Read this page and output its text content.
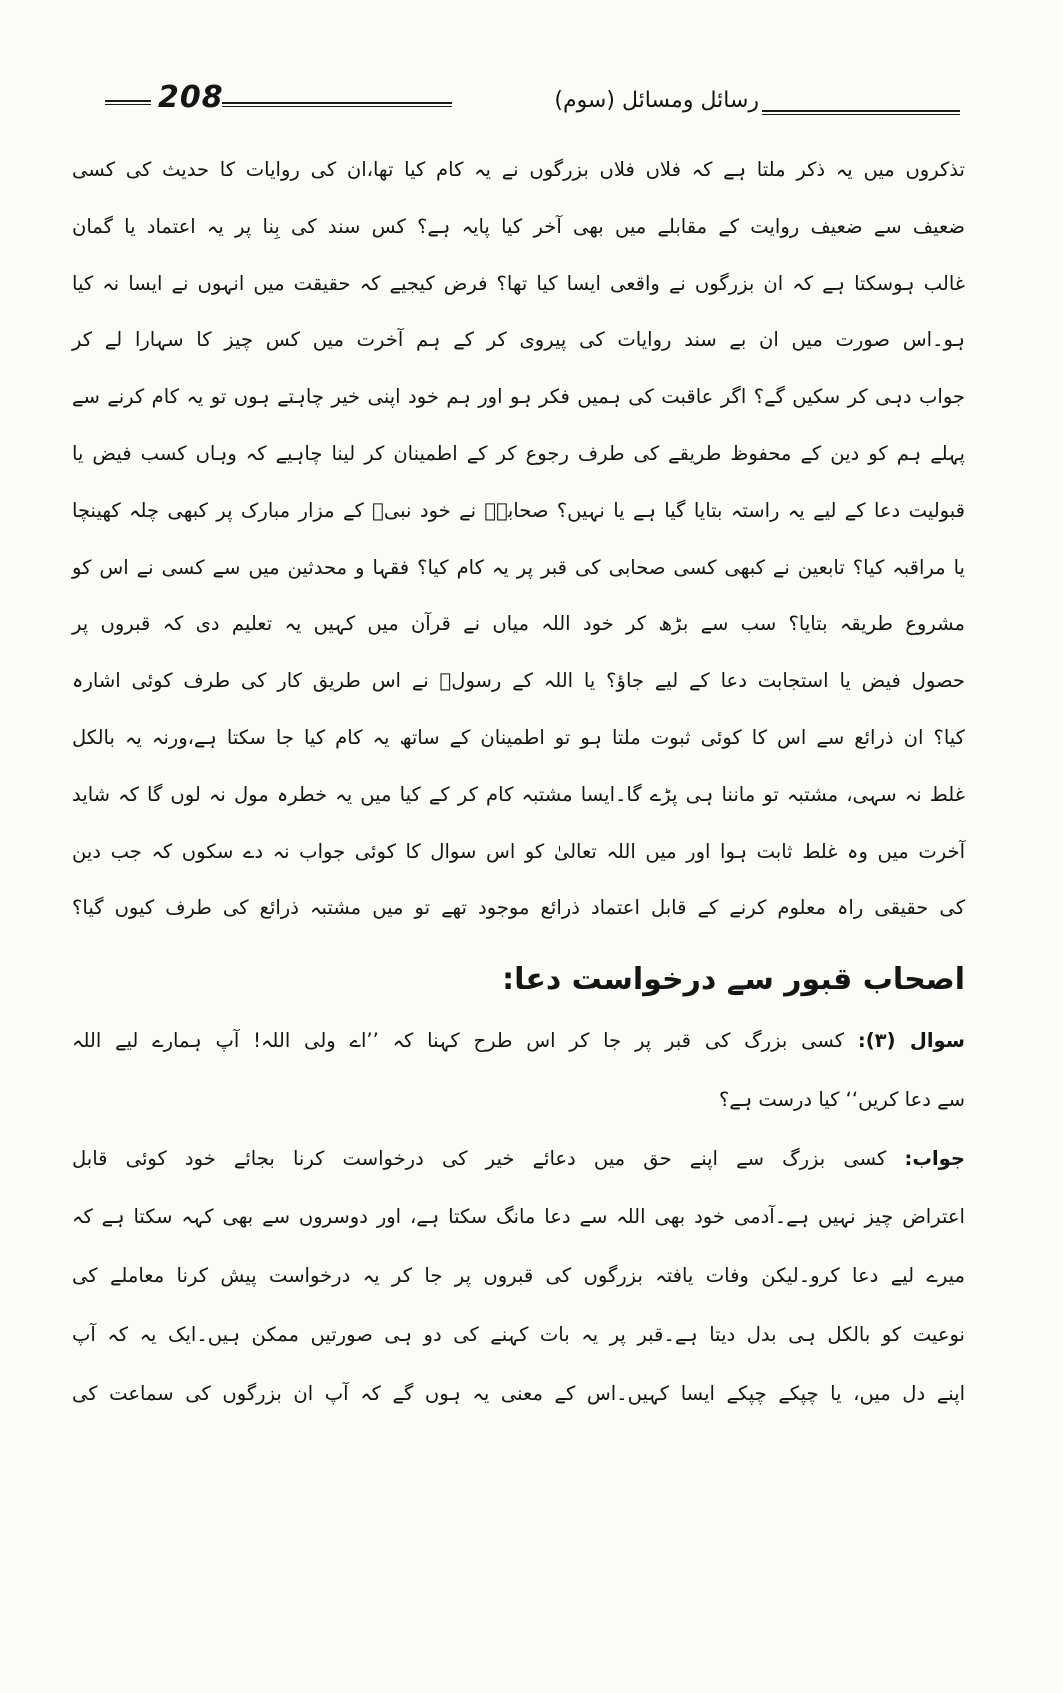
208	رسائل ومسائل (سوم)
تذکروں میں یہ ذکر ملتا ہے کہ فلاں فلاں بزرگوں نے یہ کام کیا تھا،ان کی روایات کا حدیث کی کسی
ضعیف سے ضعیف روایت کے مقابلے میں بھی آخر کیا پایہ ہے؟ کس سند کی بِنا پر یہ اعتماد یا گمان
غالب ہوسکتا ہے کہ ان بزرگوں نے واقعی ایسا کیا تھا؟ فرض کیجیے کہ حقیقت میں انہوں نے ایسا نہ کیا
ہو۔اس صورت میں ان بے سند روایات کی پیروی کر کے ہم آخرت میں کس چیز کا سہارا لے کر
جواب دہی کر سکیں گے؟ اگر عاقبت کی ہمیں فکر ہو اور ہم خود اپنی خیر چاہتے ہوں تو یہ کام کرنے سے
پہلے ہم کو دین کے محفوظ طریقے کی طرف رجوع کر کے اطمینان کر لینا چاہیے کہ وہاں کسب فیض یا
قبولیت دعا کے لیے یہ راستہ بتایا گیا ہے یا نہیں؟ صحابہؓ نے خود نبیؐ کے مزار مبارک پر کبھی چلہ کھینچا
یا مراقبہ کیا؟ تابعین نے کبھی کسی صحابی کی قبر پر یہ کام کیا؟ فقہا و محدثین میں سے کسی نے اس کو
مشروع طریقہ بتایا؟ سب سے بڑھ کر خود اللہ میاں نے قرآن میں کہیں یہ تعلیم دی کہ قبروں پر
حصول فیض یا استجابت دعا کے لیے جاؤ؟ یا اللہ کے رسولؐ نے اس طریق کار کی طرف کوئی اشارہ
کیا؟ ان ذرائع سے اس کا کوئی ثبوت ملتا ہو تو اطمینان کے ساتھ یہ کام کیا جا سکتا ہے،ورنہ یہ بالکل
غلط نہ سہی، مشتبہ تو ماننا ہی پڑے گا۔ایسا مشتبہ کام کر کے کیا میں یہ خطرہ مول نہ لوں گا کہ شاید
آخرت میں وہ غلط ثابت ہوا اور میں اللہ تعالیٰ کو اس سوال کا کوئی جواب نہ دے سکوں کہ جب دین
کی حقیقی راہ معلوم کرنے کے قابل اعتماد ذرائع موجود تھے تو میں مشتبہ ذرائع کی طرف کیوں گیا؟
اصحاب قبور سے درخواست دعا:
سوال (۳): کسی بزرگ کی قبر پر جا کر اس طرح کہنا کہ ’’اے ولی اللہ! آپ ہمارے لیے اللہ
سے دعا کریں‘‘ کیا درست ہے؟
جواب: کسی بزرگ سے اپنے حق میں دعائے خیر کی درخواست کرنا بجائے خود کوئی قابل
اعتراض چیز نہیں ہے۔آدمی خود بھی اللہ سے دعا مانگ سکتا ہے، اور دوسروں سے بھی کہہ سکتا ہے کہ
میرے لیے دعا کرو۔لیکن وفات یافتہ بزرگوں کی قبروں پر جا کر یہ درخواست پیش کرنا معاملے کی
نوعیت کو بالکل ہی بدل دیتا ہے۔قبر پر یہ بات کہنے کی دو ہی صورتیں ممکن ہیں۔ایک یہ کہ آپ
اپنے دل میں، یا چپکے چپکے ایسا کہیں۔اس کے معنی یہ ہوں گے کہ آپ ان بزرگوں کی سماعت کی
